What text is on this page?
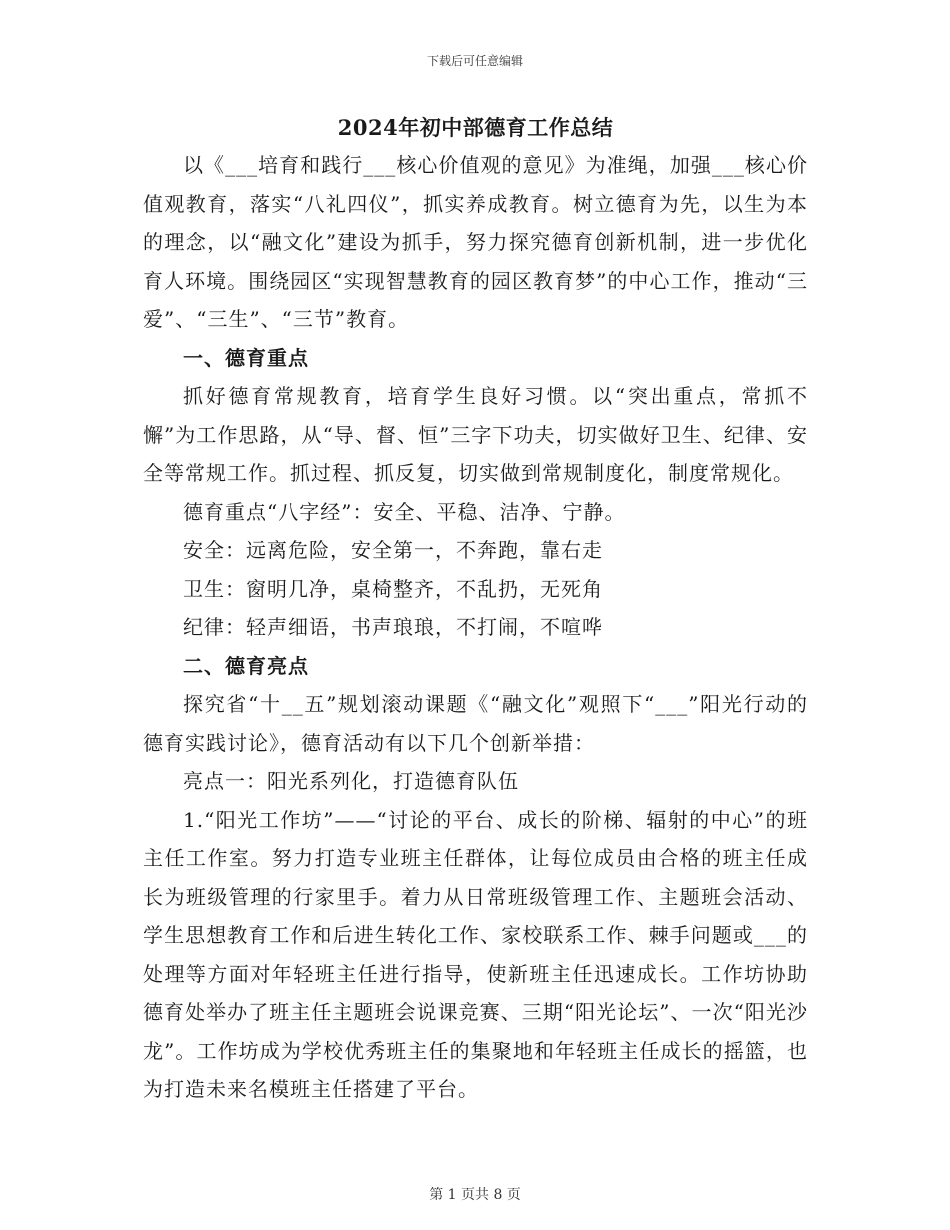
下载后可任意编辑
2024年初中部德育工作总结

以《___培育和践行___核心价值观的意见》为准绳，加强___核心价值观教育，落实“八礼四仪”，抓实养成教育。树立德育为先，以生为本的理念，以“融文化”建设为抓手，努力探究德育创新机制，进一步优化育人环境。围绕园区“实现智慧教育的园区教育梦”的中心工作，推动“三爱”、“三生”、“三节”教育。

一、德育重点

抓好德育常规教育，培育学生良好习惯。以“突出重点，常抓不懈”为工作思路，从“导、督、恒”三字下功夫，切实做好卫生、纪律、安全等常规工作。抓过程、抓反复，切实做到常规制度化，制度常规化。

德育重点“八字经”：安全、平稳、洁净、宁静。

安全：远离危险，安全第一，不奔跑，靠右走

卫生：窗明几净，桌椅整齐，不乱扔，无死角

纪律：轻声细语，书声琅琅，不打闹，不喧哗

二、德育亮点

探究省“十__五”规划滚动课题《“融文化”观照下“___”阳光行动的德育实践讨论》，德育活动有以下几个创新举措：

亮点一：阳光系列化，打造德育队伍

1.“阳光工作坊”——“讨论的平台、成长的阶梯、辐射的中心”的班主任工作室。努力打造专业班主任群体，让每位成员由合格的班主任成长为班级管理的行家里手。着力从日常班级管理工作、主题班会活动、学生思想教育工作和后进生转化工作、家校联系工作、棘手问题或___的处理等方面对年轻班主任进行指导，使新班主任迅速成长。工作坊协助德育处举办了班主任主题班会说课竞赛、三期“阳光论坛”、一次“阳光沙龙”。工作坊成为学校优秀班主任的集聚地和年轻班主任成长的摇篮，也为打造未来名模班主任搭建了平台。

第 1 页共 8 页
